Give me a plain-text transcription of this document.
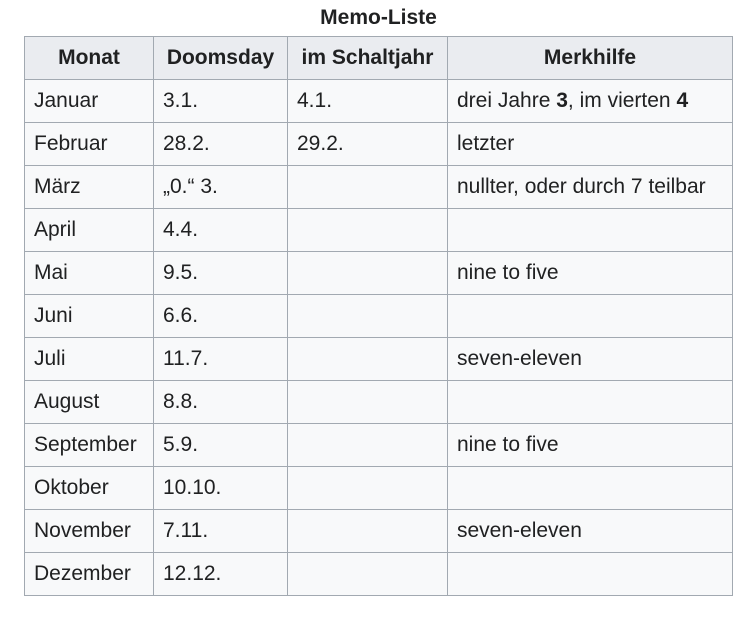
Memo-Liste
Monat	Doomsday	im Schaltjahr	Merkhilfe
Januar	3.1.	4.1.	drei Jahre 3, im vierten 4
Februar	28.2.	29.2.	letzter
März	„0.“ 3.		nullter, oder durch 7 teilbar
April	4.4.		
Mai	9.5.		nine to five
Juni	6.6.		
Juli	11.7.		seven-eleven
August	8.8.		
September	5.9.		nine to five
Oktober	10.10.		
November	7.11.		seven-eleven
Dezember	12.12.		
